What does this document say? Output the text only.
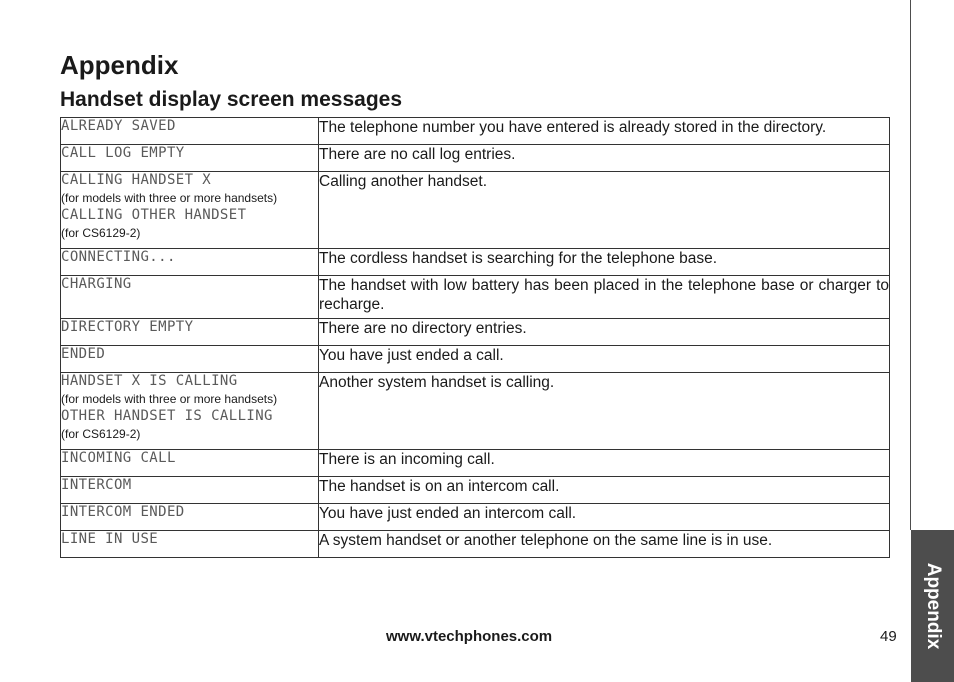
Appendix
Appendix
Handset display screen messages
ALREADY SAVED	The telephone number you have entered is already stored in the directory.

CALL LOG EMPTY	There are no call log entries.

CALLING HANDSET X
(for models with three or more handsets)
CALLING OTHER HANDSET
(for CS6129-2)	Calling another handset.

CONNECTING...	The cordless handset is searching for the telephone base.

CHARGING	The handset with low battery has been placed in the telephone base or charger to recharge.

DIRECTORY EMPTY	There are no directory entries.

ENDED	You have just ended a call.

HANDSET X IS CALLING
(for models with three or more handsets)
OTHER HANDSET IS CALLING
(for CS6129-2)	Another system handset is calling.

INCOMING CALL	There is an incoming call.

INTERCOM	The handset is on an intercom call.

INTERCOM ENDED	You have just ended an intercom call.

LINE IN USE	A system handset or another telephone on the same line is in use.
www.vtechphones.com	49
